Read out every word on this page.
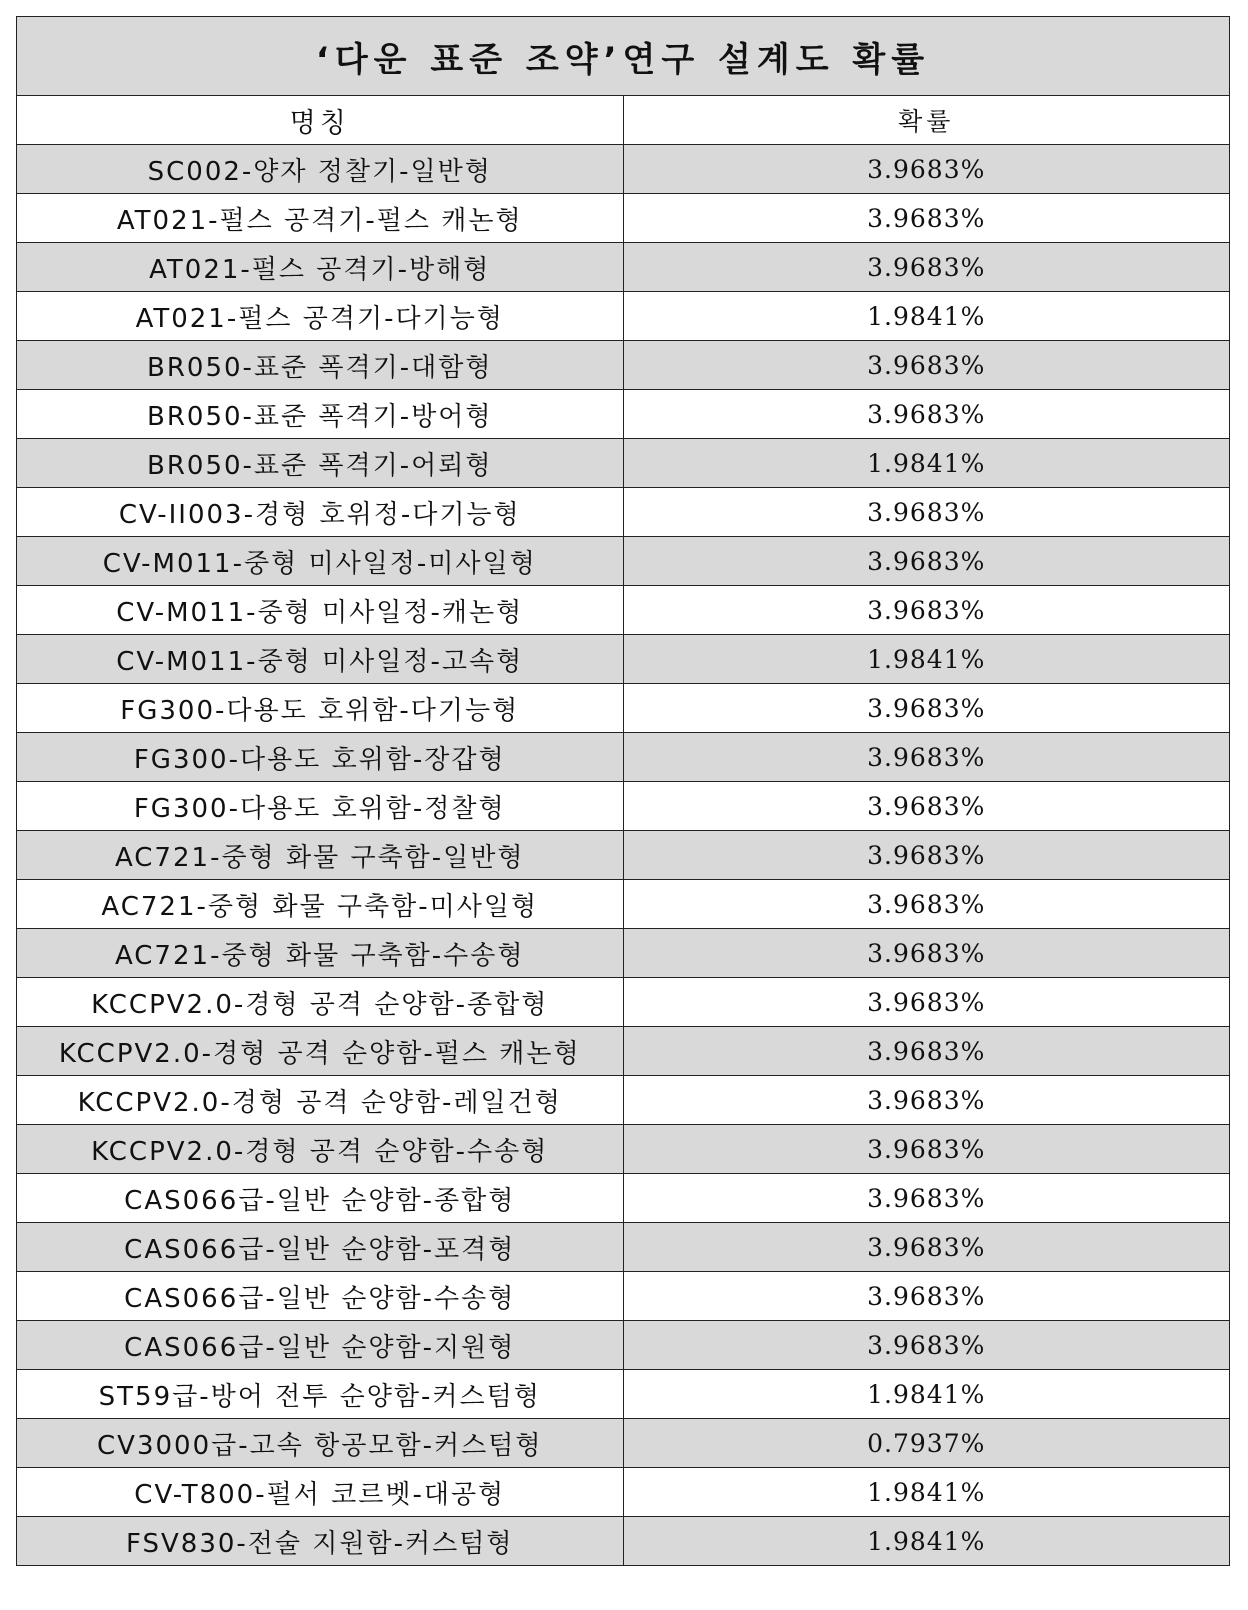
‘다운 표준 조약’연구 설계도 확률	
명칭	확률
SC002-양자 정찰기-일반형	3.9683%
AT021-펄스 공격기-펄스 캐논형	3.9683%
AT021-펄스 공격기-방해형	3.9683%
AT021-펄스 공격기-다기능형	1.9841%
BR050-표준 폭격기-대함형	3.9683%
BR050-표준 폭격기-방어형	3.9683%
BR050-표준 폭격기-어뢰형	1.9841%
CV-II003-경형 호위정-다기능형	3.9683%
CV-M011-중형 미사일정-미사일형	3.9683%
CV-M011-중형 미사일정-캐논형	3.9683%
CV-M011-중형 미사일정-고속형	1.9841%
FG300-다용도 호위함-다기능형	3.9683%
FG300-다용도 호위함-장갑형	3.9683%
FG300-다용도 호위함-정찰형	3.9683%
AC721-중형 화물 구축함-일반형	3.9683%
AC721-중형 화물 구축함-미사일형	3.9683%
AC721-중형 화물 구축함-수송형	3.9683%
KCCPV2.0-경형 공격 순양함-종합형	3.9683%
KCCPV2.0-경형 공격 순양함-펄스 캐논형	3.9683%
KCCPV2.0-경형 공격 순양함-레일건형	3.9683%
KCCPV2.0-경형 공격 순양함-수송형	3.9683%
CAS066급-일반 순양함-종합형	3.9683%
CAS066급-일반 순양함-포격형	3.9683%
CAS066급-일반 순양함-수송형	3.9683%
CAS066급-일반 순양함-지원형	3.9683%
ST59급-방어 전투 순양함-커스텀형	1.9841%
CV3000급-고속 항공모함-커스텀형	0.7937%
CV-T800-펄서 코르벳-대공형	1.9841%
FSV830-전술 지원함-커스텀형	1.9841%
